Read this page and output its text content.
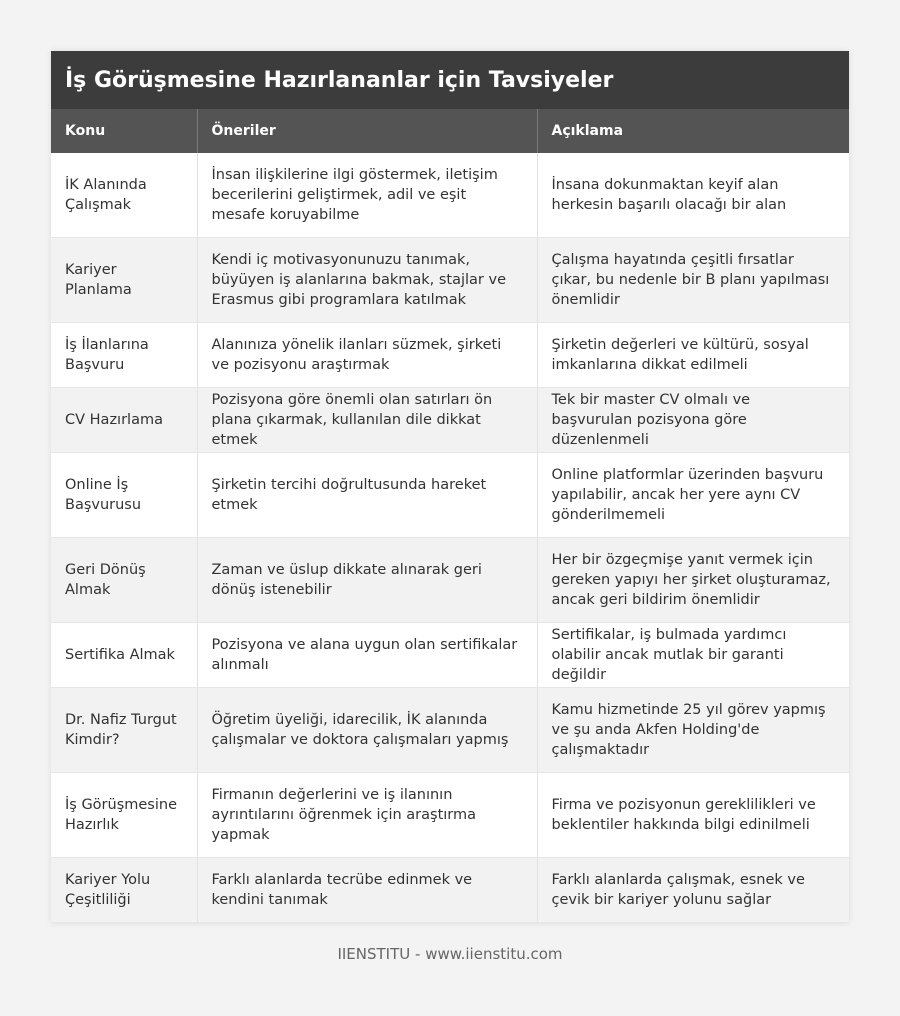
İş Görüşmesine Hazırlananlar için Tavsiyeler
Konu	Öneriler	Açıklama
İK Alanında Çalışmak	İnsan ilişkilerine ilgi göstermek, iletişim becerilerini geliştirmek, adil ve eşit mesafe koruyabilme	İnsana dokunmaktan keyif alan herkesin başarılı olacağı bir alan
Kariyer Planlama	Kendi iç motivasyonunuzu tanımak, büyüyen iş alanlarına bakmak, stajlar ve Erasmus gibi programlara katılmak	Çalışma hayatında çeşitli fırsatlar çıkar, bu nedenle bir B planı yapılması önemlidir
İş İlanlarına Başvuru	Alanınıza yönelik ilanları süzmek, şirketi ve pozisyonu araştırmak	Şirketin değerleri ve kültürü, sosyal imkanlarına dikkat edilmeli
CV Hazırlama	Pozisyona göre önemli olan satırları ön plana çıkarmak, kullanılan dile dikkat etmek	Tek bir master CV olmalı ve başvurulan pozisyona göre düzenlenmeli
Online İş Başvurusu	Şirketin tercihi doğrultusunda hareket etmek	Online platformlar üzerinden başvuru yapılabilir, ancak her yere aynı CV gönderilmemeli
Geri Dönüş Almak	Zaman ve üslup dikkate alınarak geri dönüş istenebilir	Her bir özgeçmişe yanıt vermek için gereken yapıyı her şirket oluşturamaz, ancak geri bildirim önemlidir
Sertifika Almak	Pozisyona ve alana uygun olan sertifikalar alınmalı	Sertifikalar, iş bulmada yardımcı olabilir ancak mutlak bir garanti değildir
Dr. Nafiz Turgut Kimdir?	Öğretim üyeliği, idarecilik, İK alanında çalışmalar ve doktora çalışmaları yapmış	Kamu hizmetinde 25 yıl görev yapmış ve şu anda Akfen Holding'de çalışmaktadır
İş Görüşmesine Hazırlık	Firmanın değerlerini ve iş ilanının ayrıntılarını öğrenmek için araştırma yapmak	Firma ve pozisyonun gereklilikleri ve beklentiler hakkında bilgi edinilmeli
Kariyer Yolu Çeşitliliği	Farklı alanlarda tecrübe edinmek ve kendini tanımak	Farklı alanlarda çalışmak, esnek ve çevik bir kariyer yolunu sağlar
IIENSTITU - www.iienstitu.com
